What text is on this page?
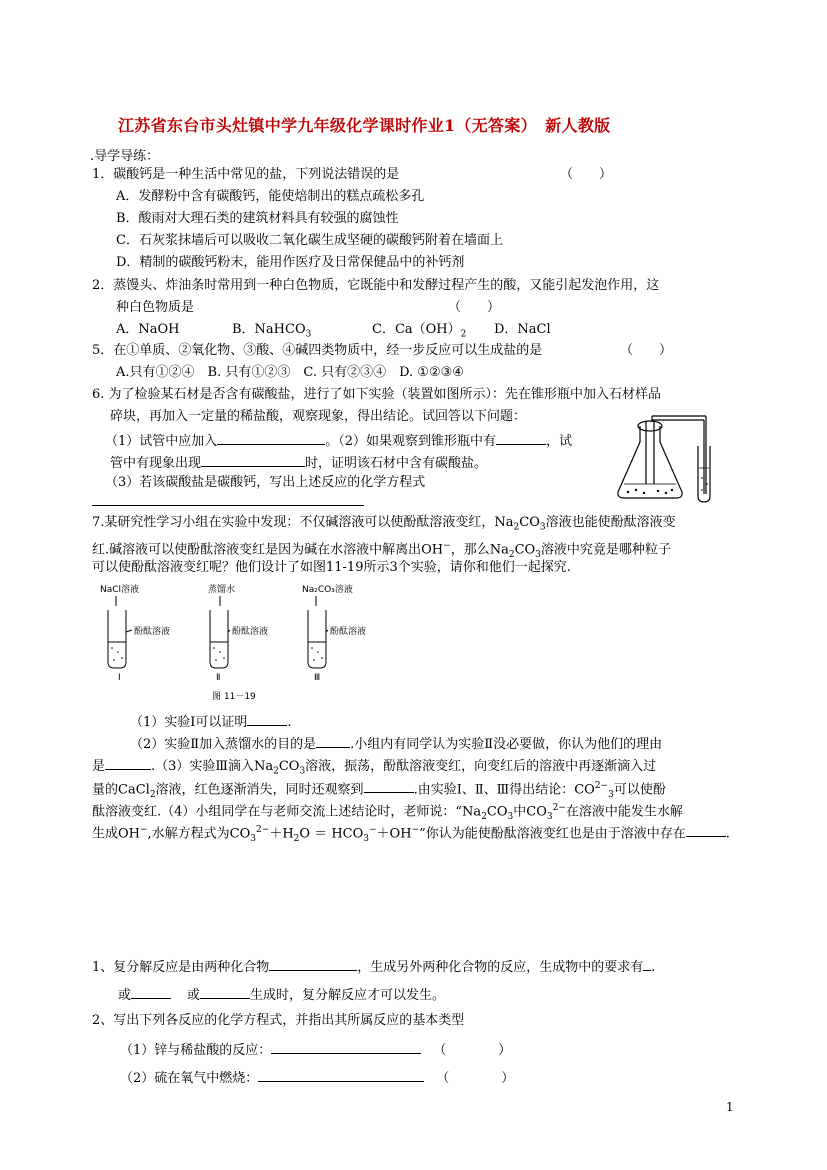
江苏省东台市头灶镇中学九年级化学课时作业1（无答案）　新人教版
.导学导练：
1．碳酸钙是一种生活中常见的盐，下列说法错误的是	（　　）
A．发酵粉中含有碳酸钙，能使焙制出的糕点疏松多孔
B．酸雨对大理石类的建筑材料具有较强的腐蚀性
C．石灰浆抹墙后可以吸收二氧化碳生成坚硬的碳酸钙附着在墙面上
D．精制的碳酸钙粉末，能用作医疗及日常保健品中的补钙剂
2．蒸馒头、炸油条时常用到一种白色物质，它既能中和发酵过程产生的酸，又能引起发泡作用，这
种白色物质是	（　　）
A．NaOH	B．NaHCO$_3$	C．$Ca(OH)_2$ D．NaCl
5．在①单质、②氧化物、③酸、④碱四类物质中，经一步反应可以生成盐的是	（　　）
A.只有①②④　B. 只有①②③　C. 只有②③④　D. ①②③④
6. 为了检验某石材是否含有碳酸盐，进行了如下实验（装置如图所示）：先在锥形瓶中加入石材样品
碎块，再加入一定量的稀盐酸，观察现象，得出结论。试回答以下问题：
（1）试管中应加入	。（2）如果观察到锥形瓶中有	，试
管中有现象出现	时，证明该石材中含有碳酸盐。
（3）若该碳酸盐是碳酸钙，写出上述反应的化学方程式
7.某研究性学习小组在实验中发现：不仅碱溶液可以使酚酞溶液变红，$Na_2CO_3$溶液也能使酚酞溶液变
红.碱溶液可以使酚酞溶液变红是因为碱在水溶液中解离出OH−，那么$Na_2CO_3$溶液中究竟是哪种粒子
可以使酚酞溶液变红呢？他们设计了如图11-19所示3个实验，请你和他们一起探究.
NaCl溶液	蒸馏水	Na₂CO₃溶液
酚酞溶液	酚酞溶液	酚酞溶液
Ⅰ	Ⅱ	Ⅲ
图 11－19
（1）实验Ⅰ可以证明	.
（2）实验Ⅱ加入蒸馏水的目的是	.小组内有同学认为实验Ⅱ没必要做，你认为他们的理由
是	.（3）实验Ⅲ滴入$Na_2CO_3$溶液，振荡，酚酞溶液变红，向变红后的溶液中再逐渐滴入过
量的CaCl$_2$溶液，红色逐渐消失，同时还观察到	.由实验Ⅰ、Ⅱ、Ⅲ得出结论：$CO^{2-}_3$可以使酚
酞溶液变红.（4）小组同学在与老师交流上述结论时，老师说：“$Na_2CO_3$中$CO_3^{2-}$在溶液中能发生水解
生成OH−,水解方程式为$CO_3^{2-}+H_2O = HCO_3^-+OH^-$”你认为能使酚酞溶液变红也是由于溶液中存在	.
1、复分解反应是由两种化合物	，生成另外两种化合物的反应，生成物中的要求有 .
或	或	生成时，复分解反应才可以发生。
2、写出下列各反应的化学方程式，并指出其所属反应的基本类型
（1）锌与稀盐酸的反应：	（　　　　）
（2）硫在氧气中燃烧：	（　　　　）
1
